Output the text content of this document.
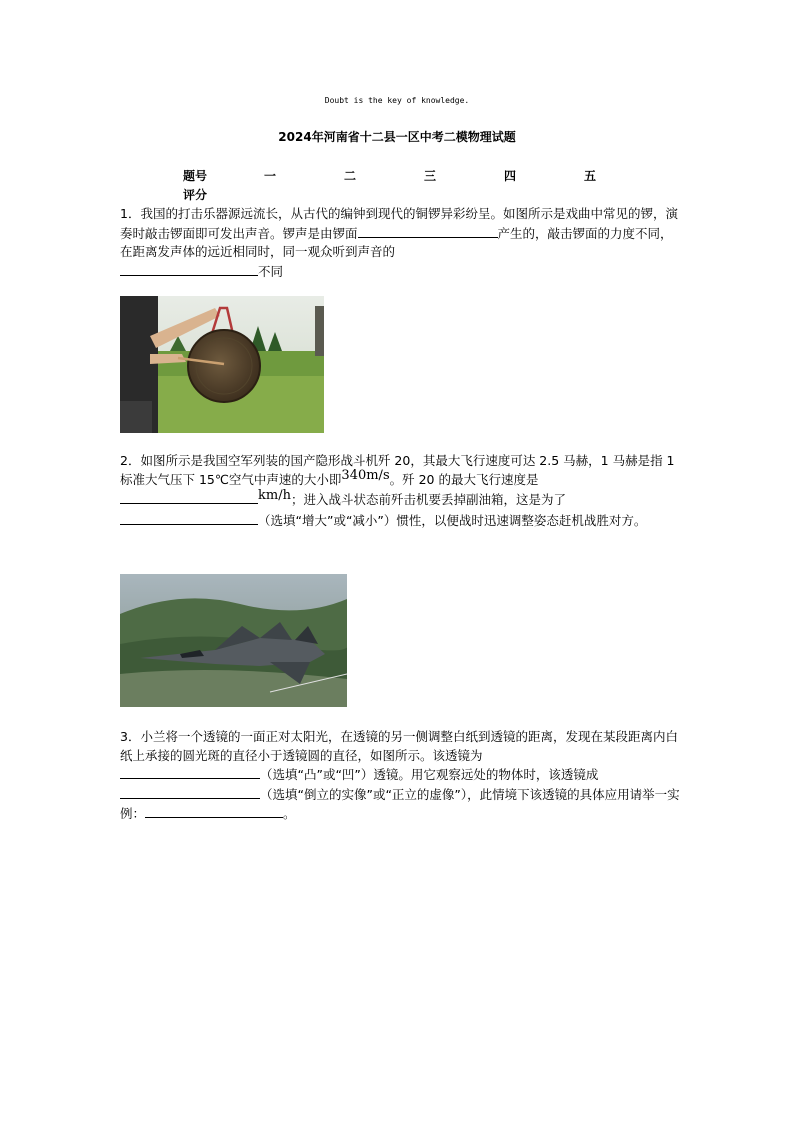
Doubt is the key of knowledge.
2024年河南省十二县一区中考二模物理试题
题号	一	二	三	四	五
评分					
1．我国的打击乐器源远流长，从古代的编钟到现代的铜锣异彩纷呈。如图所示是戏曲中常见的锣，演奏时敲击锣面即可发出声音。锣声是由锣面	产生的，敲击锣面的力度不同，在距离发声体的远近相同时，同一观众听到声音的
不同
2．如图所示是我国空军列装的国产隐形战斗机歼 20，其最大飞行速度可达 2.5 马赫，1 马赫是指 1 标准大气压下 15℃空气中声速的大小即340m/s。歼 20 的最大飞行速度是
km/h；进入战斗状态前歼击机要丢掉副油箱，这是为了
（选填“增大”或“减小”）惯性，以便战时迅速调整姿态赶机战胜对方。
3．小兰将一个透镜的一面正对太阳光，在透镜的另一侧调整白纸到透镜的距离，发现在某段距离内白纸上承接的圆光斑的直径小于透镜圆的直径，如图所示。该透镜为
（选填“凸”或“凹”）透镜。用它观察远处的物体时，该透镜成
（选填“倒立的实像”或“正立的虚像”），此情境下该透镜的具体应用请举一实例：	。
